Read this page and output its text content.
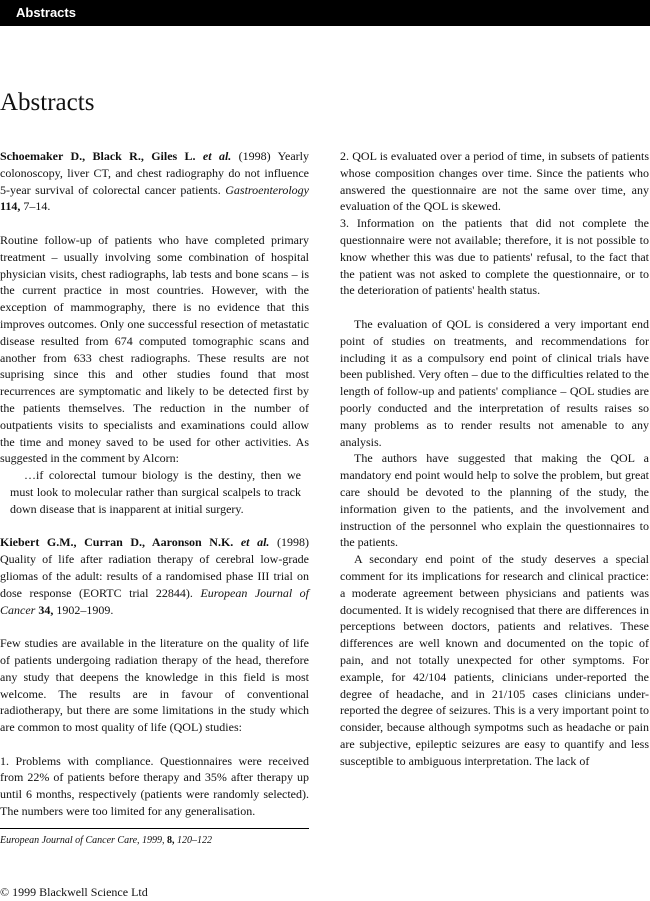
Abstracts
Abstracts

Schoemaker D., Black R., Giles L. et al. (1998) Yearly colonoscopy, liver CT, and chest radiography do not influence 5-year survival of colorectal cancer patients. Gastroenterology 114, 7–14.

Routine follow-up of patients who have completed primary treatment – usually involving some combination of hospital physician visits, chest radiographs, lab tests and bone scans – is the current practice in most countries. However, with the exception of mammography, there is no evidence that this improves outcomes. Only one successful resection of metastatic disease resulted from 674 computed tomographic scans and another from 633 chest radiographs. These results are not suprising since this and other studies found that most recurrences are symptomatic and likely to be detected first by the patients themselves. The reduction in the number of outpatients visits to specialists and examinations could allow the time and money saved to be used for other activities. As suggested in the comment by Alcorn:

…if colorectal tumour biology is the destiny, then we must look to molecular rather than surgical scalpels to track down disease that is inapparent at initial surgery.

Kiebert G.M., Curran D., Aaronson N.K. et al. (1998) Quality of life after radiation therapy of cerebral low-grade gliomas of the adult: results of a randomised phase III trial on dose response (EORTC trial 22844). European Journal of Cancer 34, 1902–1909.

Few studies are available in the literature on the quality of life of patients undergoing radiation therapy of the head, therefore any study that deepens the knowledge in this field is most welcome. The results are in favour of conventional radiotherapy, but there are some limitations in the study which are common to most quality of life (QOL) studies:

1. Problems with compliance. Questionnaires were received from 22% of patients before therapy and 35% after therapy up until 6 months, respectively (patients were randomly selected). The numbers were too limited for any generalisation.

2. QOL is evaluated over a period of time, in subsets of patients whose composition changes over time. Since the patients who answered the questionnaire are not the same over time, any evaluation of the QOL is skewed.

3. Information on the patients that did not complete the questionnaire were not available; therefore, it is not possible to know whether this was due to patients' refusal, to the fact that the patient was not asked to complete the questionnaire, or to the deterioration of patients' health status.

The evaluation of QOL is considered a very important end point of studies on treatments, and recommendations for including it as a compulsory end point of clinical trials have been published. Very often – due to the difficulties related to the length of follow-up and patients' compliance – QOL studies are poorly conducted and the interpretation of results raises so many problems as to render results not amenable to any analysis.

The authors have suggested that making the QOL a mandatory end point would help to solve the problem, but great care should be devoted to the planning of the study, the information given to the patients, and the involvement and instruction of the personnel who explain the questionnaires to the patients.

A secondary end point of the study deserves a special comment for its implications for research and clinical practice: a moderate agreement between physicians and patients was documented. It is widely recognised that there are differences in perceptions between doctors, patients and relatives. These differences are well known and documented on the topic of pain, and not totally unexpected for other symptoms. For example, for 42/104 patients, clinicians under-reported the degree of headache, and in 21/105 cases clinicians under-reported the degree of seizures. This is a very important point to consider, because although sympotms such as headache or pain are subjective, epileptic seizures are easy to quantify and less susceptible to ambiguous interpretation. The lack of

European Journal of Cancer Care, 1999, 8, 120–122
© 1999 Blackwell Science Ltd
